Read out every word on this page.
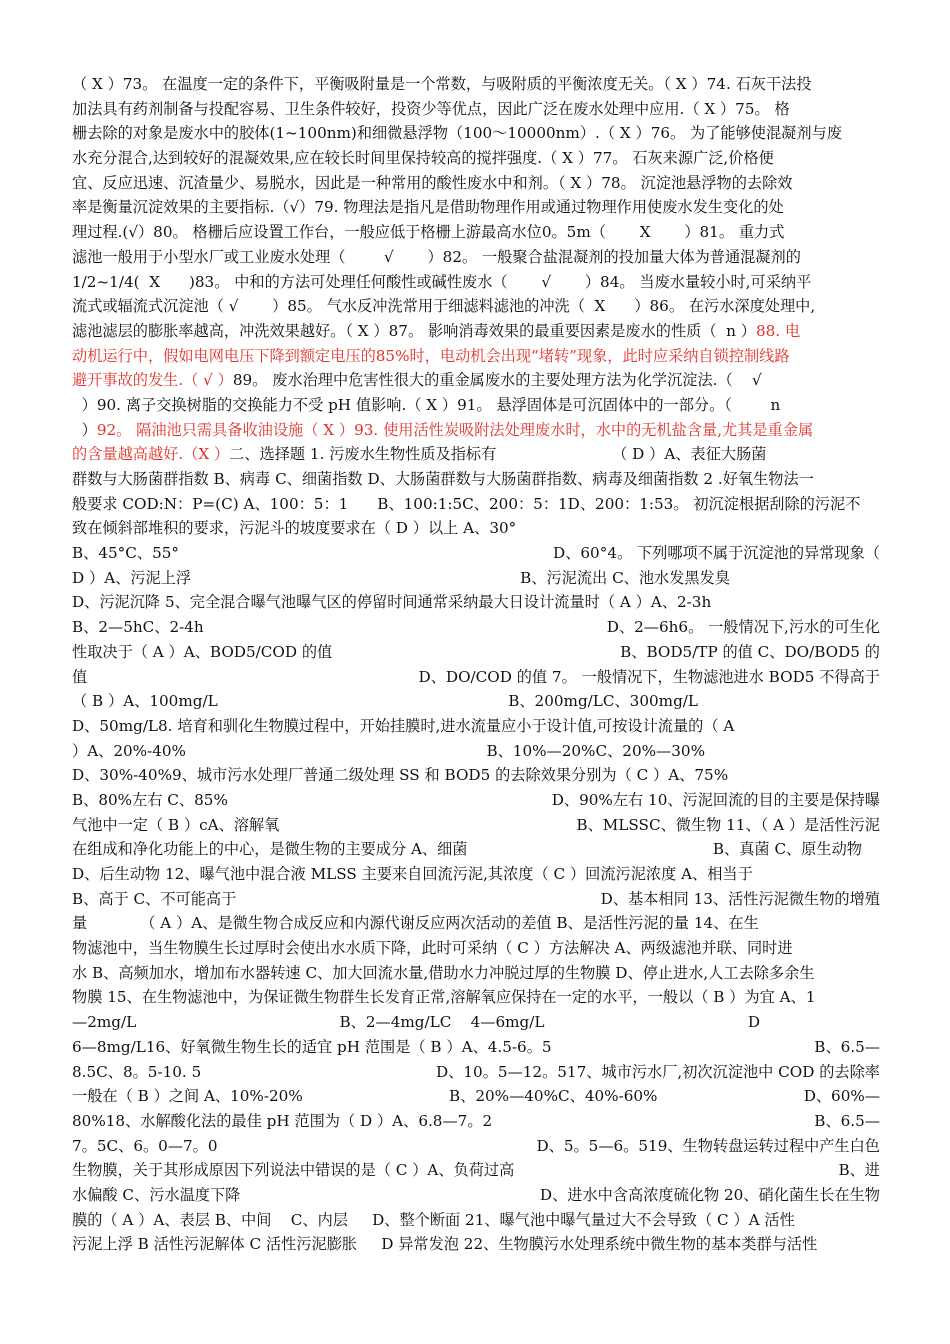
（ X ）73。 在温度一定的条件下，平衡吸附量是一个常数，与吸附质的平衡浓度无关。（ X ）74. 石灰干法投
加法具有药剂制备与投配容易、卫生条件较好，投资少等优点，因此广泛在废水处理中应用.（ X ）75。 格
栅去除的对象是废水中的胶体(1~100nm)和细微悬浮物（100～10000nm）.（ X ）76。 为了能够使混凝剂与废
水充分混合,达到较好的混凝效果,应在较长时间里保持较高的搅拌强度.（ X ）77。 石灰来源广泛,价格便
宜、反应迅速、沉渣量少、易脱水，因此是一种常用的酸性废水中和剂。（ X ）78。 沉淀池悬浮物的去除效
率是衡量沉淀效果的主要指标.（√）79. 物理法是指凡是借助物理作用或通过物理作用使废水发生变化的处
理过程.(√）80。 格栅后应设置工作台，一般应低于格栅上游最高水位0。5m（       X       ）81。 重力式
滤池一般用于小型水厂或工业废水处理（        √       ）82。 一般聚合盐混凝剂的投加量大体为普通混凝剂的
1/2~1/4(  X      )83。 中和的方法可处理任何酸性或碱性废水（       √       ）84。 当废水量较小时,可采纳平
流式或辐流式沉淀池（ √       ）85。 气水反冲洗常用于细滤料滤池的冲洗（  X      ）86。 在污水深度处理中,
滤池滤层的膨胀率越高，冲洗效果越好。（ X ）87。 影响消毒效果的最重要因素是废水的性质（  n ） 88. 电
动机运行中，假如电网电压下降到额定电压的85%时，电动机会出现“堵转”现象，此时应采纳自锁控制线路
避开事故的发生.（ √ ） 89。 废水治理中危害性很大的重金属废水的主要处理方法为化学沉淀法.（    √
）90. 离子交换树脂的交换能力不受 pH 值影响.（ X ）91。 悬浮固体是可沉固体中的一部分。（        n
） 92。 隔油池只需具备收油设施（ X ）93. 使用活性炭吸附法处理废水时，水中的无机盐含量,尤其是重金属
的含量越高越好.（X ） 二、选择题 1. 污废水生物性质及指标有                        （ D ）A、表征大肠菌
群数与大肠菌群指数 B、病毒 C、细菌指数 D、大肠菌群数与大肠菌群指数、病毒及细菌指数 2 .好氧生物法一
般要求 COD:N：P=(C) A、100：5：1      B、100:1:5C、200：5：1D、200：1:53。 初沉淀根据刮除的污泥不
致在倾斜部堆积的要求，污泥斗的坡度要求在（ D ）以上 A、30°
B、45°C、55°	D、60°4。 下列哪项不属于沉淀池的异常现象（
D ）A、污泥上浮	B、污泥流出 C、池水发黑发臭
D、污泥沉降 5、完全混合曝气池曝气区的停留时间通常采纳最大日设计流量时（ A ）A、2-3h
B、2—5hC、2-4h	D、2—6h6。 一般情况下,污水的可生化
性取决于（ A ）A、BOD5/COD 的值	B、BOD5/TP 的值 C、DO/BOD5 的
值	D、DO/COD 的值 7。 一般情况下，生物滤池进水 BOD5 不得高于
（ B ）A、100mg/L	B、200mg/LC、300mg/L
D、50mg/L8. 培育和驯化生物膜过程中，开始挂膜时,进水流量应小于设计值,可按设计流量的（ A
）A、20%-40%	B、10%—20%C、20%—30%
D、30%-40%9、城市污水处理厂普通二级处理 SS 和 BOD5 的去除效果分别为（ C ）A、75%
B、80%左右 C、85%	D、90%左右 10、污泥回流的目的主要是保持曝
气池中一定（ B ）cA、溶解氧	B、MLSSC、微生物 11、（ A ）是活性污泥
在组成和净化功能上的中心，是微生物的主要成分 A、细菌	B、真菌 C、原生动物
D、后生动物 12、曝气池中混合液 MLSS 主要来自回流污泥,其浓度（ C ）回流污泥浓度 A、相当于
B、高于 C、不可能高于	D、基本相同 13、活性污泥微生物的增殖
量           （ A ）A、是微生物合成反应和内源代谢反应两次活动的差值 B、是活性污泥的量 14、在生
物滤池中，当生物膜生长过厚时会使出水水质下降，此时可采纳（ C ）方法解决 A、两级滤池并联、同时进
水 B、高频加水，增加布水器转速 C、加大回流水量,借助水力冲脱过厚的生物膜 D、停止进水,人工去除多余生
物膜 15、在生物滤池中，为保证微生物群生长发育正常,溶解氧应保持在一定的水平，一般以（ B ）为宜 A、1
—2mg/L	B、2—4mg/LC    4—6mg/L	D
6—8mg/L16、好氧微生物生长的适宜 pH 范围是（ B ）A、4.5-6。5	B、6.5—
8.5C、8。5-10. 5	D、10。5—12。517、城市污水厂,初次沉淀池中 COD 的去除率
一般在（ B ）之间 A、10%-20%	B、20%—40%C、40%-60%	D、60%—
80%18、水解酸化法的最佳 pH 范围为（ D ）A、6.8—7。2	B、6.5—
7。5C、6。0—7。0	D、5。5—6。519、生物转盘运转过程中产生白色
生物膜，关于其形成原因下列说法中错误的是（ C ）A、负荷过高	B、进
水偏酸 C、污水温度下降	D、进水中含高浓度硫化物 20、硝化菌生长在生物
膜的（ A ）A、表层 B、中间    C、内层     D、整个断面 21、曝气池中曝气量过大不会导致（ C ）A 活性
污泥上浮 B 活性污泥解体 C 活性污泥膨胀     D 异常发泡 22、生物膜污水处理系统中微生物的基本类群与活性
